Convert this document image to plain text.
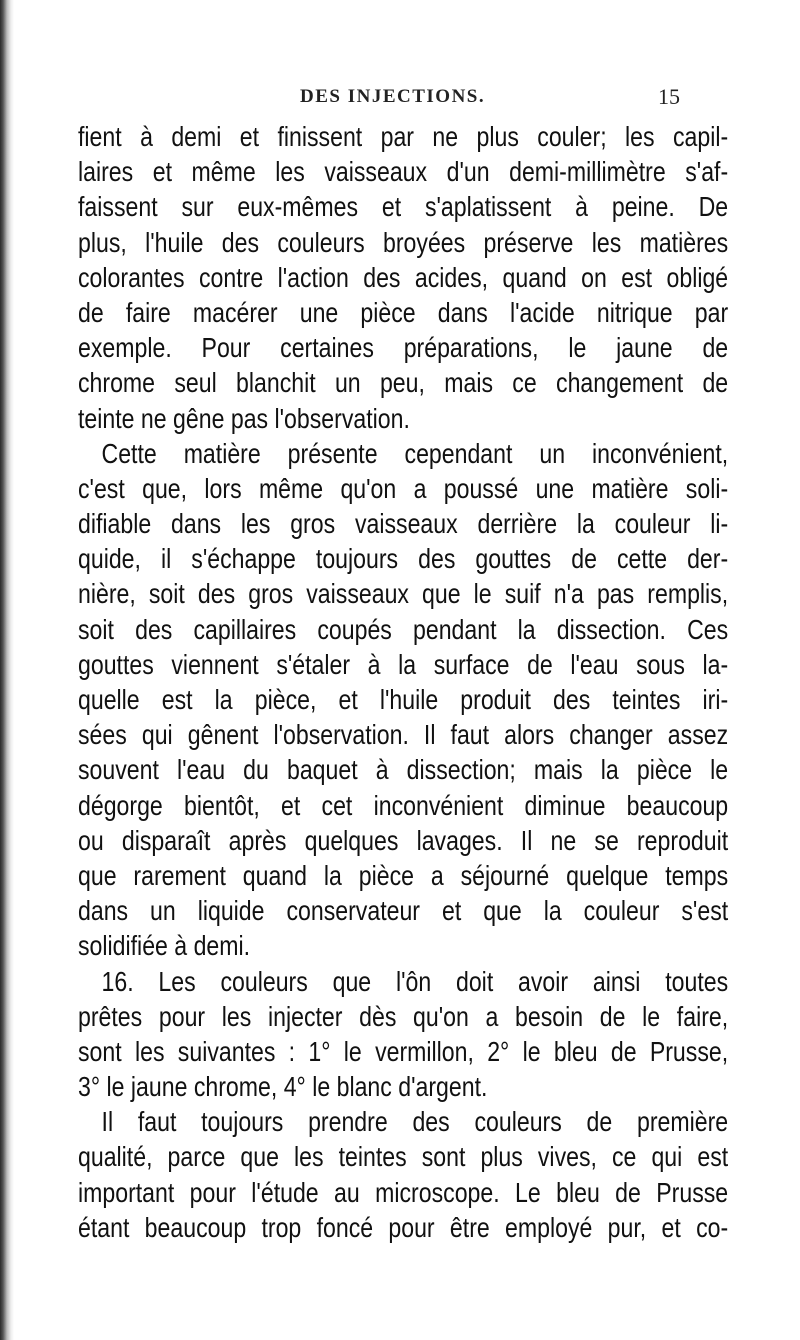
DES INJECTIONS.	15
fient à demi et finissent par ne plus couler; les capil-
laires et même les vaisseaux d'un demi-millimètre s'af-
faissent sur eux-mêmes et s'aplatissent à peine. De
plus, l'huile des couleurs broyées préserve les matières
colorantes contre l'action des acides, quand on est obligé
de faire macérer une pièce dans l'acide nitrique par
exemple. Pour certaines préparations, le jaune de
chrome seul blanchit un peu, mais ce changement de
teinte ne gêne pas l'observation.
Cette matière présente cependant un inconvénient,
c'est que, lors même qu'on a poussé une matière soli-
difiable dans les gros vaisseaux derrière la couleur li-
quide, il s'échappe toujours des gouttes de cette der-
nière, soit des gros vaisseaux que le suif n'a pas remplis,
soit des capillaires coupés pendant la dissection. Ces
gouttes viennent s'étaler à la surface de l'eau sous la-
quelle est la pièce, et l'huile produit des teintes iri-
sées qui gênent l'observation. Il faut alors changer assez
souvent l'eau du baquet à dissection; mais la pièce le
dégorge bientôt, et cet inconvénient diminue beaucoup
ou disparaît après quelques lavages. Il ne se reproduit
que rarement quand la pièce a séjourné quelque temps
dans un liquide conservateur et que la couleur s'est
solidifiée à demi.
16. Les couleurs que l'ôn doit avoir ainsi toutes
prêtes pour les injecter dès qu'on a besoin de le faire,
sont les suivantes : 1° le vermillon, 2° le bleu de Prusse,
3° le jaune chrome, 4° le blanc d'argent.
Il faut toujours prendre des couleurs de première
qualité, parce que les teintes sont plus vives, ce qui est
important pour l'étude au microscope. Le bleu de Prusse
étant beaucoup trop foncé pour être employé pur, et co-
